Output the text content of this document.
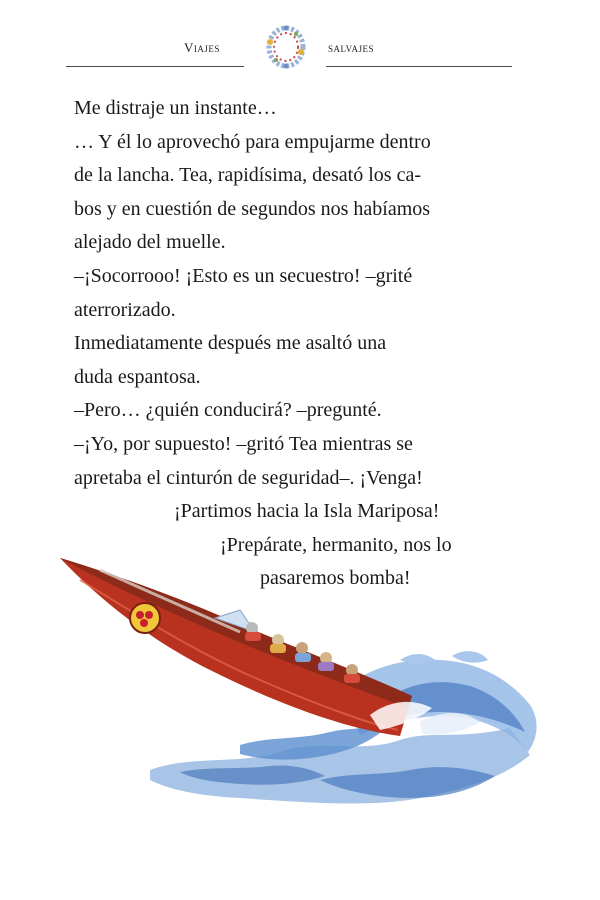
Viajes	salvajes
Me distraje un instante…
… Y él lo aprovechó para empujarme dentro
de la lancha. Tea, rapidísima, desató los ca-
bos y en cuestión de segundos nos habíamos
alejado del muelle.
–¡Socorrooo! ¡Esto es un secuestro! –grité
aterrorizado.
Inmediatamente después me asaltó una
duda espantosa.
–Pero… ¿quién conducirá? –pregunté.
–¡Yo, por supuesto! –gritó Tea mientras se
apretaba el cinturón de seguridad–. ¡Venga!
¡Partimos hacia la Isla Mariposa!
¡Prepárate, hermanito, nos lo
pasaremos bomba!
